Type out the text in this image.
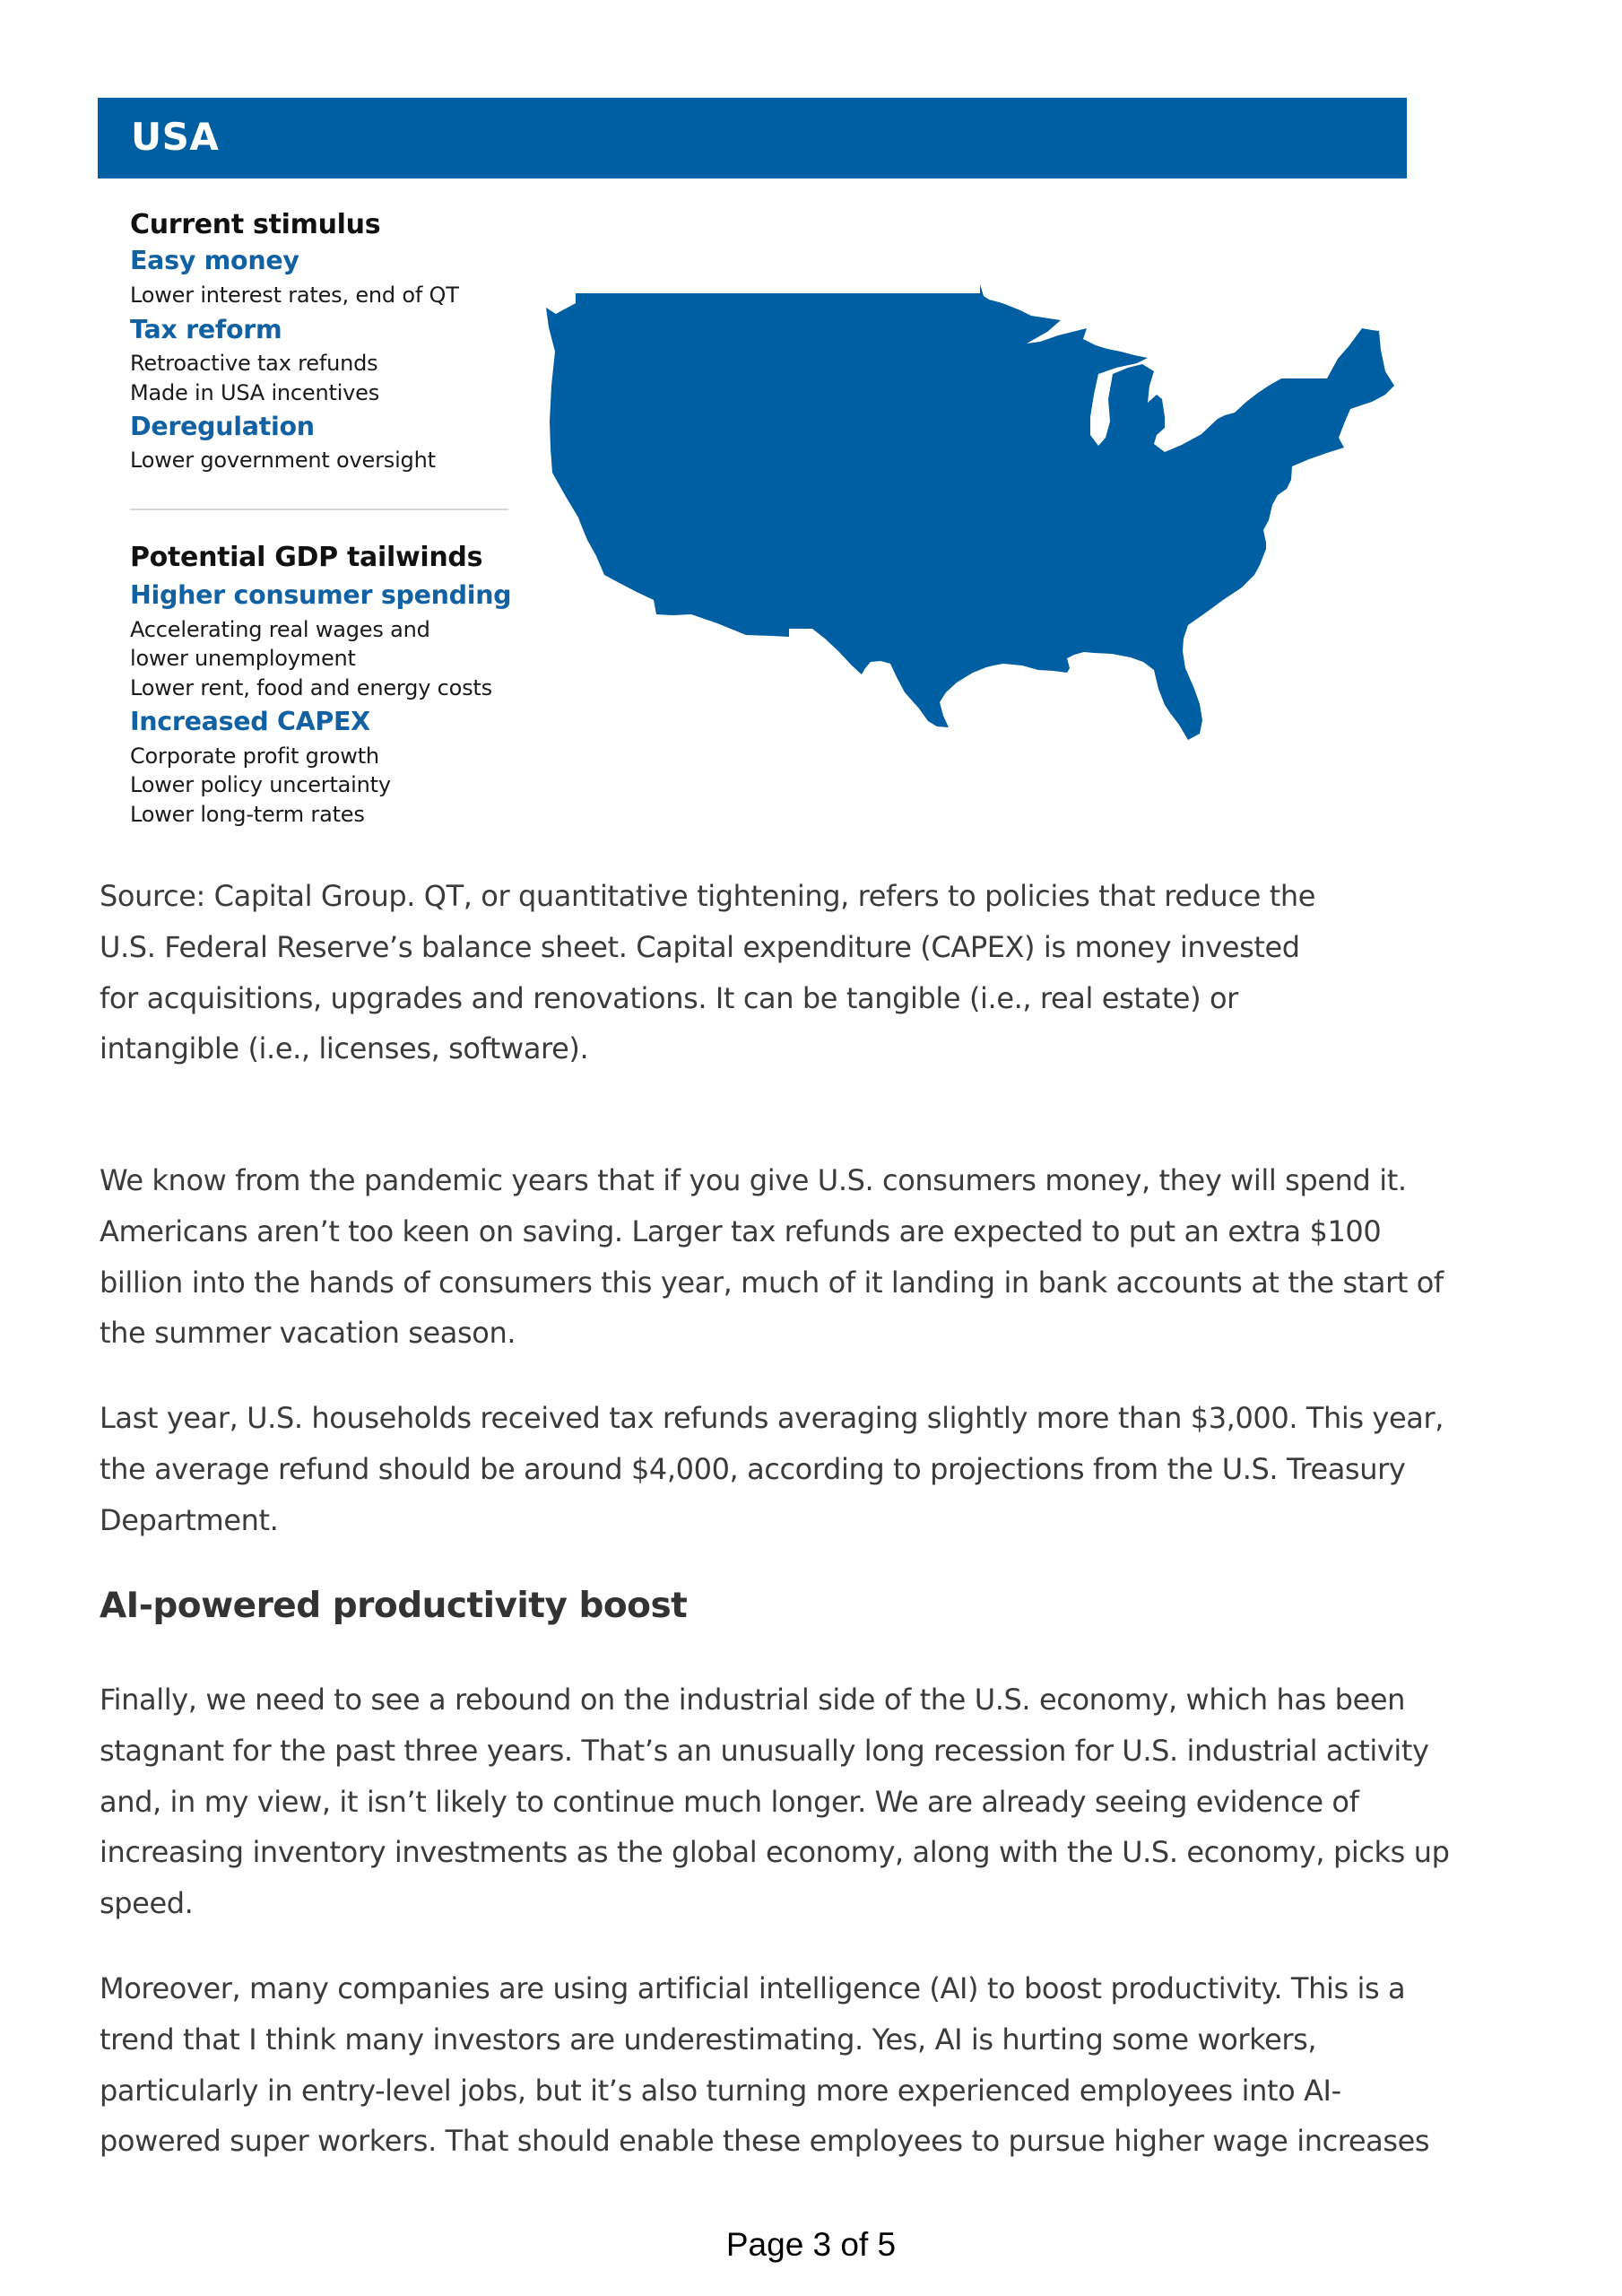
USA
Current stimulus
Easy money
Lower interest rates, end of QT
Tax reform
Retroactive tax refunds
Made in USA incentives
Deregulation
Lower government oversight
Potential GDP tailwinds
Higher consumer spending
Accelerating real wages and
lower unemployment
Lower rent, food and energy costs
Increased CAPEX
Corporate profit growth
Lower policy uncertainty
Lower long-term rates
Source: Capital Group. QT, or quantitative tightening, refers to policies that reduce the
U.S. Federal Reserve’s balance sheet. Capital expenditure (CAPEX) is money invested
for acquisitions, upgrades and renovations. It can be tangible (i.e., real estate) or
intangible (i.e., licenses, software).
We know from the pandemic years that if you give U.S. consumers money, they will spend it.
Americans aren’t too keen on saving. Larger tax refunds are expected to put an extra $100
billion into the hands of consumers this year, much of it landing in bank accounts at the start of
the summer vacation season.
Last year, U.S. households received tax refunds averaging slightly more than $3,000. This year,
the average refund should be around $4,000, according to projections from the U.S. Treasury
Department.
AI-powered productivity boost
Finally, we need to see a rebound on the industrial side of the U.S. economy, which has been
stagnant for the past three years. That’s an unusually long recession for U.S. industrial activity
and, in my view, it isn’t likely to continue much longer. We are already seeing evidence of
increasing inventory investments as the global economy, along with the U.S. economy, picks up
speed.
Moreover, many companies are using artificial intelligence (AI) to boost productivity. This is a
trend that I think many investors are underestimating. Yes, AI is hurting some workers,
particularly in entry-level jobs, but it’s also turning more experienced employees into AI-
powered super workers. That should enable these employees to pursue higher wage increases
Page 3 of 5
